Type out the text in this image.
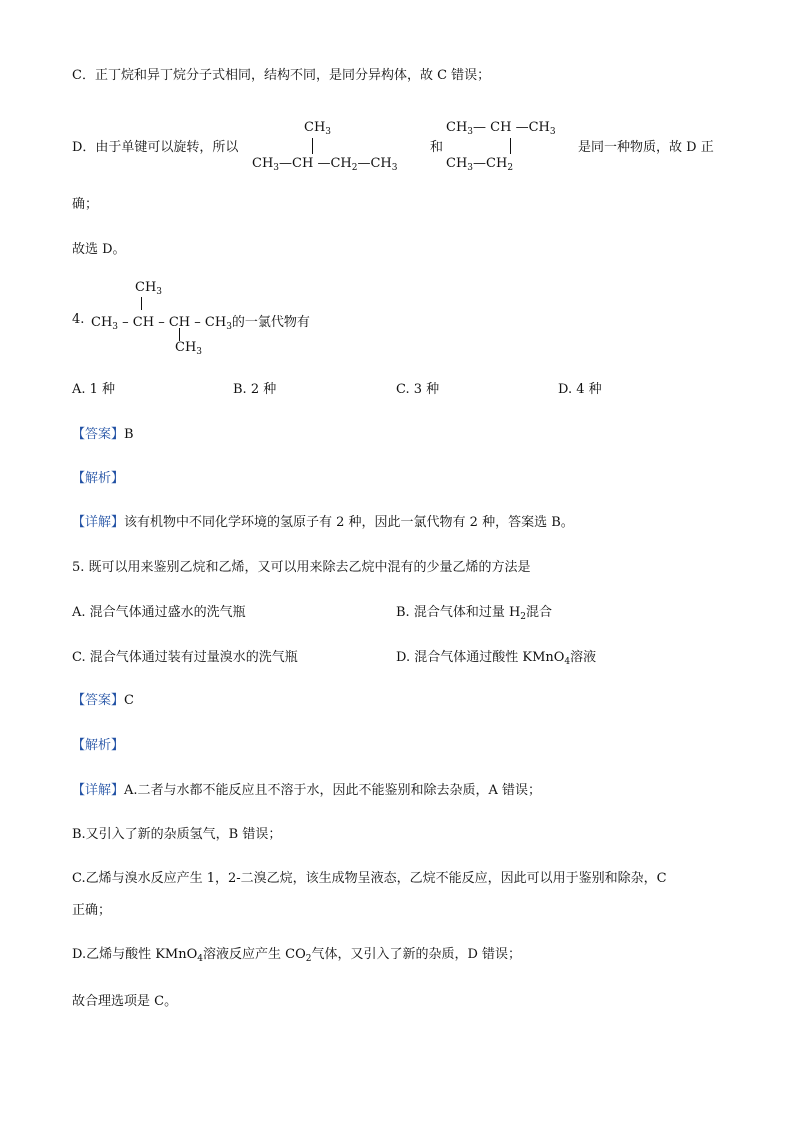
C．正丁烷和异丁烷分子式相同，结构不同，是同分异构体，故 C 错误；
D．由于单键可以旋转，所以
$CH_3$
$CH_3—CH$ $—CH_2—CH_3$
和
$CH_3—$ CH $—CH_3$
$CH_3—CH_2$
是同一种物质，故 D 正
确；
故选 D。
4.
$CH_3$
$CH_3$ – CH – CH – $CH_3$的一氯代物有
$CH_3$
A. 1 种	B. 2 种	C. 3 种	D. 4 种
【答案】B
【解析】
【详解】该有机物中不同化学环境的氢原子有 2 种，因此一氯代物有 2 种，答案选 B。
5. 既可以用来鉴别乙烷和乙烯，又可以用来除去乙烷中混有的少量乙烯的方法是
A. 混合气体通过盛水的洗气瓶	B. 混合气体和过量 $H_2$混合
C. 混合气体通过装有过量溴水的洗气瓶	D. 混合气体通过酸性 KMnO$_4$溶液
【答案】C
【解析】
【详解】A.二者与水都不能反应且不溶于水，因此不能鉴别和除去杂质，A 错误；
B.又引入了新的杂质氢气，B 错误；
C.乙烯与溴水反应产生 1，2-二溴乙烷，该生成物呈液态，乙烷不能反应，因此可以用于鉴别和除杂，C
正确；
D.乙烯与酸性 KMnO$_4$溶液反应产生 $CO_2$气体，又引入了新的杂质，D 错误；
故合理选项是 C。
